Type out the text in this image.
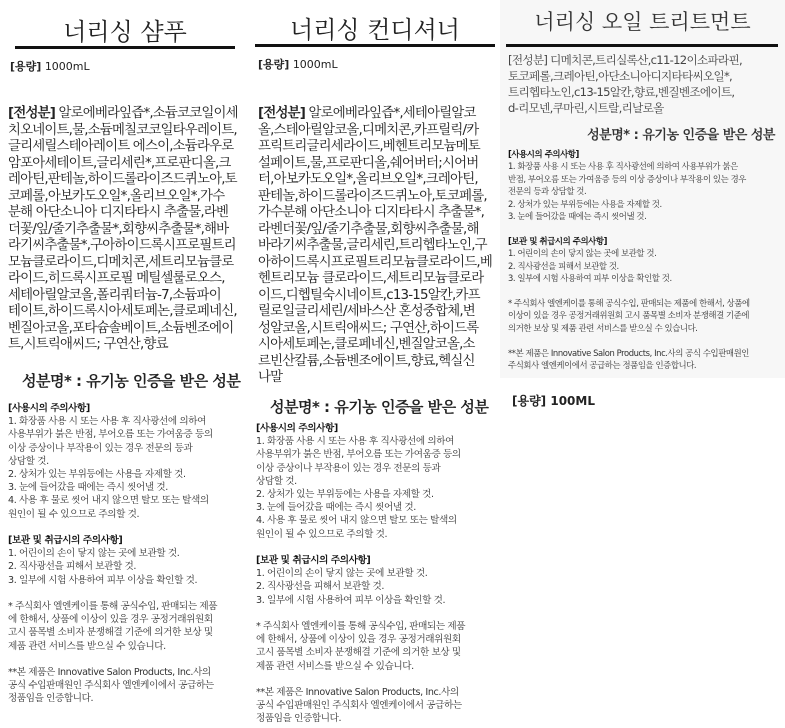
너리싱 샴푸
[용량] 1000mL
[전성분] 알로에베라잎즙*,소듐코코일이세
치오네이트,물,소듐메칠코코일타우레이트,
글리세릴스테아레이트 에스이,소듐라우로
암포아세테이트,글리세린*,프로판디올,크
레아틴,판테놀,하이드롤라이즈드퀴노아,토
코페롤,아보카도오일*,올리브오일*,가수
분해 아단소니아 디지타타시 추출물,라벤
더꽃/잎/줄기추출물*,회향씨추출물*,해바
라기씨추출물*,구아하이드록시프로필트리
모늄클로라이드,디메치콘,세트리모늄클로
라이드,히드록시프로필 메틸셀룰로오스,
세테아릴알코올,폴리쿼터늄-7,소듐파이
테이트,하이드록시아세토페논,클로페네신,
벤질아코올,포타슘솔베이트,소듐벤조에이
트,시트릭애씨드; 구연산,향료
성분명* : 유기농 인증을 받은 성분
[사용시의 주의사항]
1. 화장품 사용 시 또는 사용 후 직사광선에 의하여
사용부위가 붉은 반점, 부어오름 또는 가여움증 등의
이상 증상이나 부작용이 있는 경우 전문의 등과
상담할 것.
2. 상처가 있는 부위등에는 사용을 자제할 것.
3. 눈에 들어갔을 때에는 즉시 씻어낼 것.
4. 사용 후 물로 씻어 내지 않으면 탈모 또는 탈색의
원인이 될 수 있으므로 주의할 것.

[보관 및 취급시의 주의사항]
1. 어린이의 손이 닿지 않는 곳에 보관할 것.
2. 직사광선을 피해서 보관할 것.
3. 일부에 시험 사용하여 피부 이상을 확인할 것.

* 주식회사 엘엔케이를 통해 공식수입, 판매되는 제품
에 한해서, 상품에 이상이 있을 경우 공정거래위원회
고시 품목별 소비자 분쟁해결 기준에 의거한 보상 및
제품 관련 서비스를 받으실 수 있습니다.

**본 제품은 Innovative Salon Products, Inc.사의
공식 수입판매원인 주식회사 엘엔케이에서 공급하는
정품임을 인증합니다.
너리싱 컨디셔너
[용량] 1000mL
[전성분] 알로에베라잎즙*,세테아릴알코
올,스테아릴알코올,디메치콘,카프릴릭/카
프릭트리글리세라이드,베헨트리모늄메토
설페이트,물,프로판디올,쉐어버터;시어버
터,아보카도오일*,올리브오일*,크레아틴,
판테놀,하이드롤라이즈드퀴노아,토코페롤,
가수분해 아단소니아 디지타타시 추출물*,
라벤더꽃/잎/줄기추출물,회향씨추출물,해
바라기씨추출물,글리세린,트리헵타노인,구
아하이드록시프로필트리모늄클로라이드,베
헨트리모늄 클로라이드,세트리모늄클로라
이드,디헵틸숙시네이트,c13-15알칸,카프
릴로일글리세린/세바스산 혼성중합체,변
성알코올,시트릭애씨드; 구연산,하이드록
시아세토페논,클로페네신,벤질알코올,소
르빈산칼륨,소듐벤조에이트,향료,헥실신
나말
성분명* : 유기농 인증을 받은 성분
[사용시의 주의사항]
1. 화장품 사용 시 또는 사용 후 직사광선에 의하여
사용부위가 붉은 반점, 부어오름 또는 가여움증 등의
이상 증상이나 부작용이 있는 경우 전문의 등과
상담할 것.
2. 상처가 있는 부위등에는 사용을 자제할 것.
3. 눈에 들어갔을 때에는 즉시 씻어낼 것.
4. 사용 후 물로 씻어 내지 않으면 탈모 또는 탈색의
원인이 될 수 있으므로 주의할 것.

[보관 및 취급시의 주의사항]
1. 어린이의 손이 닿지 않는 곳에 보관할 것.
2. 직사광선을 피해서 보관할 것.
3. 일부에 시험 사용하여 피부 이상을 확인할 것.

* 주식회사 엘엔케이를 통해 공식수입, 판매되는 제품
에 한해서, 상품에 이상이 있을 경우 공정거래위원회
고시 품목별 소비자 분쟁해결 기준에 의거한 보상 및
제품 관련 서비스를 받으실 수 있습니다.

**본 제품은 Innovative Salon Products, Inc.사의
공식 수입판매원인 주식회사 엘엔케이에서 공급하는
정품임을 인증합니다.
너리싱 오일 트리트먼트
[전성분] 디메치콘,트리실록산,c11-12이소파라핀,
토코페롤,크레아틴,아단소니아디지타타씨오일*,
트리헵타노인,c13-15알칸,향료,벤질벤조에이트,
d-리모넨,쿠마린,시트랄,리날로올
성분명* : 유기농 인증을 받은 성분
[사용시의 주의사항]
1. 화장품 사용 시 또는 사용 후 직사광선에 의하여 사용부위가 붉은
반점, 부어오름 또는 가여움증 등의 이상 증상이나 부작용이 있는 경우
전문의 등과 상담할 것.
2. 상처가 있는 부위등에는 사용을 자제할 것.
3. 눈에 들어갔을 때에는 즉시 씻어낼 것.

[보관 및 취급시의 주의사항]
1. 어린이의 손이 닿지 않는 곳에 보관할 것.
2. 직사광선을 피해서 보관할 것.
3. 일부에 시험 사용하여 피부 이상을 확인할 것.

* 주식회사 엘엔케이를 통해 공식수입, 판매되는 제품에 한해서, 상품에
이상이 있을 경우 공정거래위원회 고시 품목별 소비자 분쟁해결 기준에
의거한 보상 및 제품 관련 서비스를 받으실 수 있습니다.

**본 제품은 Innovative Salon Products, Inc.사의 공식 수입판매원인
주식회사 엘엔케이에서 공급하는 정품임을 인증합니다.
[용량] 100ML
